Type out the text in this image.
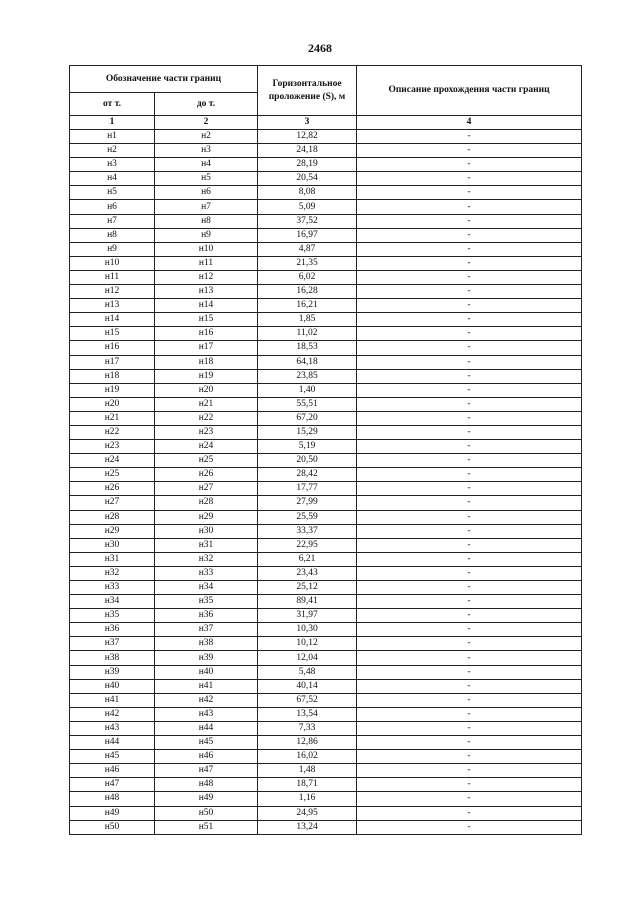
2468
Обозначение части границ		Горизонтальное проложение (S), м	Описание прохождения части границ
от т.	до т.		
1	2	3	4
н1	н2	12,82	-
н2	н3	24,18	-
н3	н4	28,19	-
н4	н5	20,54	-
н5	н6	8,08	-
н6	н7	5,09	-
н7	н8	37,52	-
н8	н9	16,97	-
н9	н10	4,87	-
н10	н11	21,35	-
н11	н12	6,02	-
н12	н13	16,28	-
н13	н14	16,21	-
н14	н15	1,85	-
н15	н16	11,02	-
н16	н17	18,53	-
н17	н18	64,18	-
н18	н19	23,85	-
н19	н20	1,40	-
н20	н21	55,51	-
н21	н22	67,20	-
н22	н23	15,29	-
н23	н24	5,19	-
н24	н25	20,50	-
н25	н26	28,42	-
н26	н27	17,77	-
н27	н28	27,99	-
н28	н29	25,59	-
н29	н30	33,37	-
н30	н31	22,95	-
н31	н32	6,21	-
н32	н33	23,43	-
н33	н34	25,12	-
н34	н35	89,41	-
н35	н36	31,97	-
н36	н37	10,30	-
н37	н38	10,12	-
н38	н39	12,04	-
н39	н40	5,48	-
н40	н41	40,14	-
н41	н42	67,52	-
н42	н43	13,54	-
н43	н44	7,33	-
н44	н45	12,86	-
н45	н46	16,02	-
н46	н47	1,48	-
н47	н48	18,71	-
н48	н49	1,16	-
н49	н50	24,95	-
н50	н51	13,24	-
